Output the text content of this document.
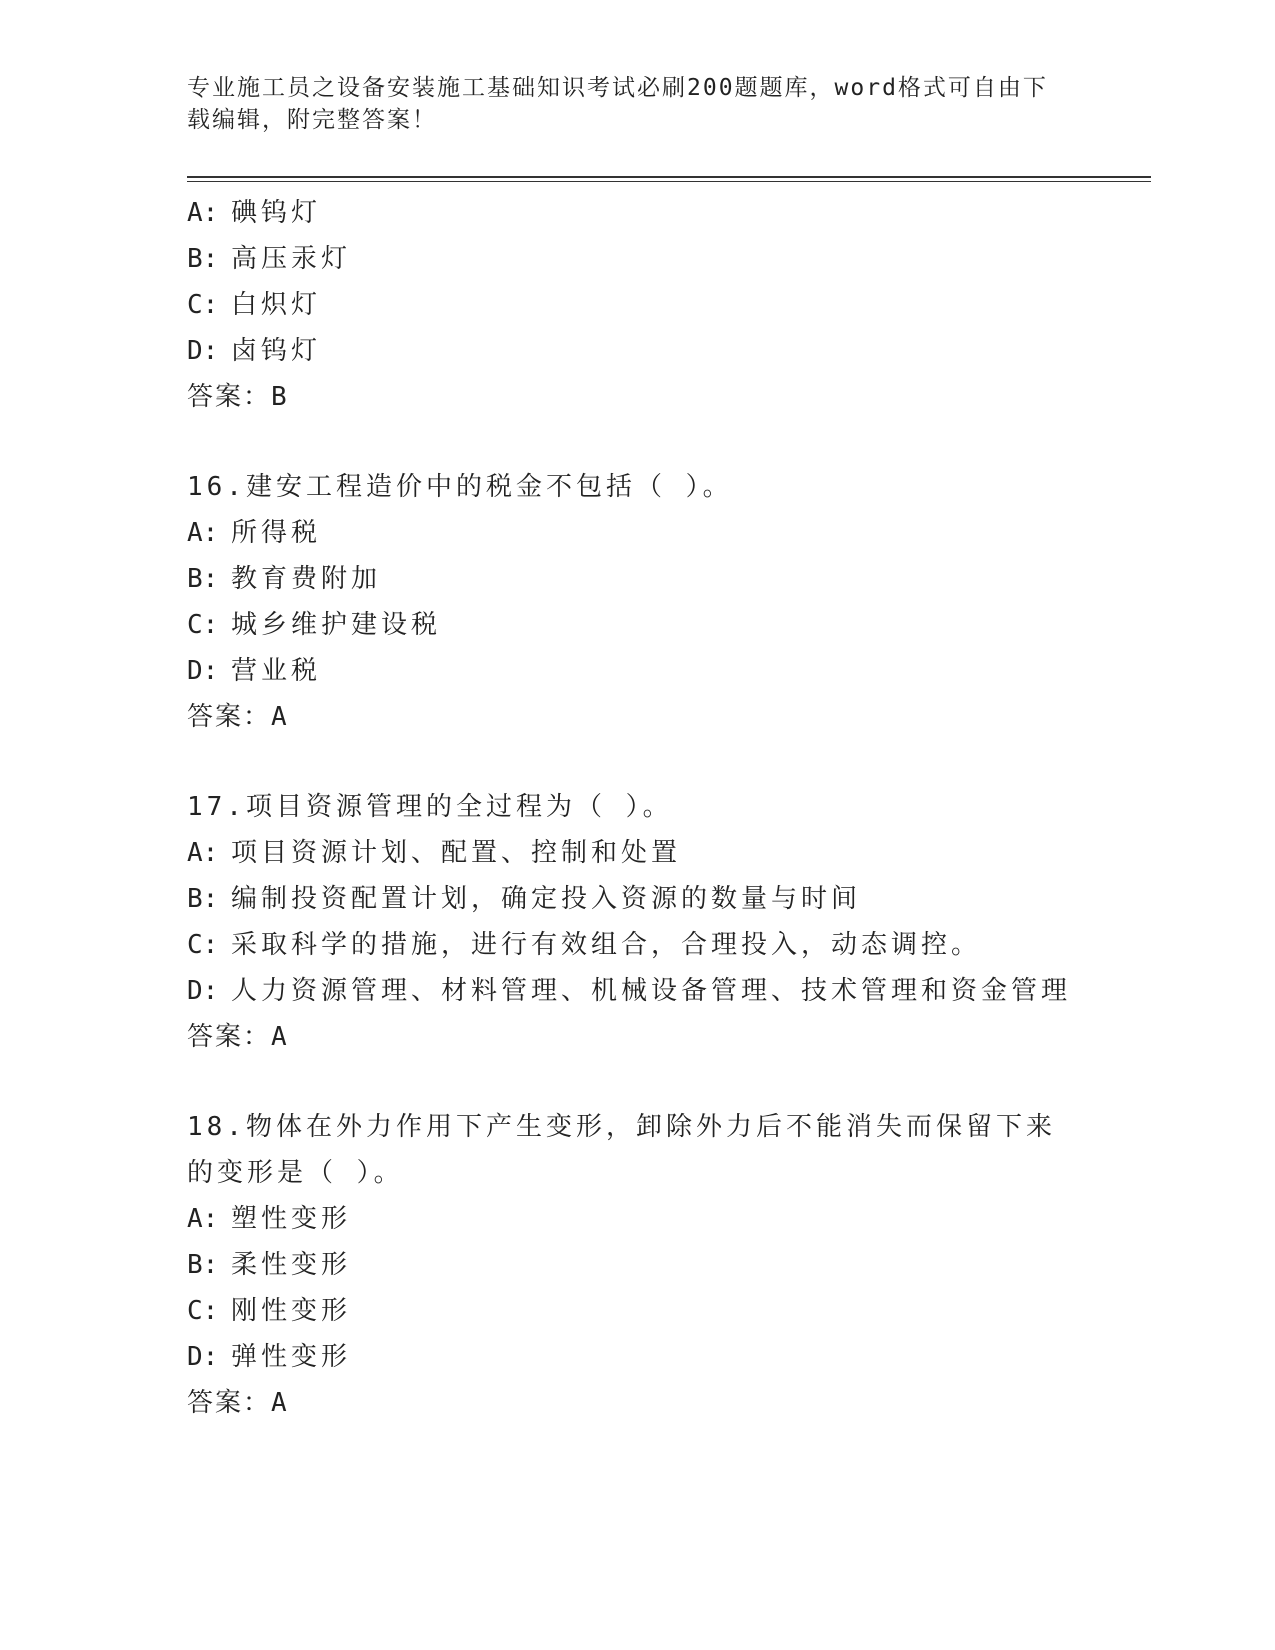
专业施工员之设备安装施工基础知识考试必刷200题题库，word格式可自由下载编辑，附完整答案！
A: 碘钨灯
B: 高压汞灯
C: 白炽灯
D: 卤钨灯
答案：B
16.建安工程造价中的税金不包括（ ）。
A: 所得税
B: 教育费附加
C: 城乡维护建设税
D: 营业税
答案：A
17.项目资源管理的全过程为（ ）。
A: 项目资源计划、配置、控制和处置
B: 编制投资配置计划，确定投入资源的数量与时间
C: 采取科学的措施，进行有效组合，合理投入，动态调控。
D: 人力资源管理、材料管理、机械设备管理、技术管理和资金管理
答案：A
18.物体在外力作用下产生变形，卸除外力后不能消失而保留下来的变形是（ ）。
A: 塑性变形
B: 柔性变形
C: 刚性变形
D: 弹性变形
答案：A
